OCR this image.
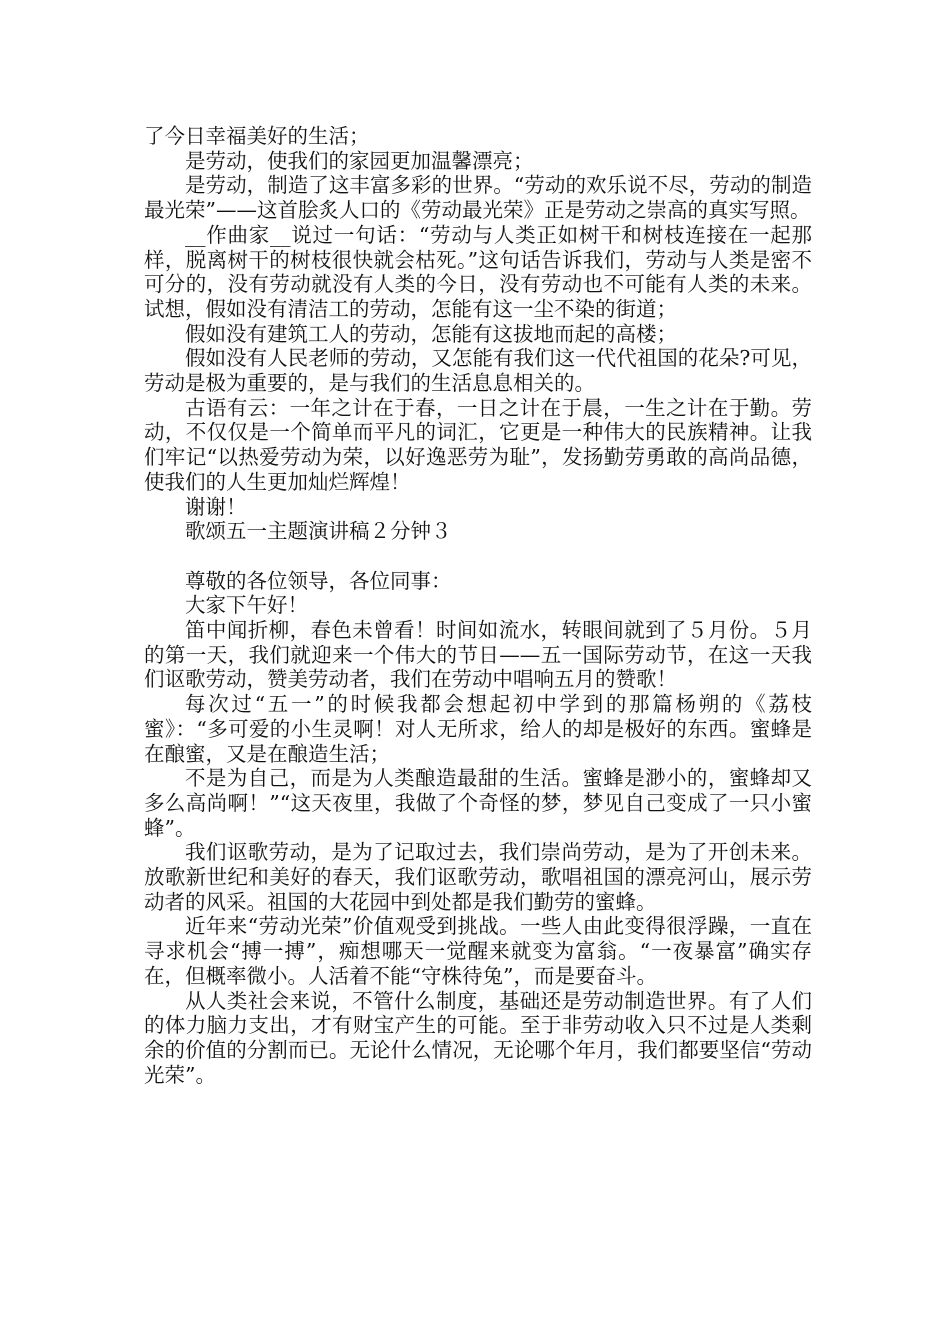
了今日幸福美好的生活；

是劳动，使我们的家园更加温馨漂亮；

是劳动，制造了这丰富多彩的世界。“劳动的欢乐说不尽，劳动的制造最光荣”——这首脍炙人口的《劳动最光荣》正是劳动之崇高的真实写照。

__作曲家__说过一句话：“劳动与人类正如树干和树枝连接在一起那样，脱离树干的树枝很快就会枯死。”这句话告诉我们，劳动与人类是密不可分的，没有劳动就没有人类的今日，没有劳动也不可能有人类的未来。试想，假如没有清洁工的劳动，怎能有这一尘不染的街道；

假如没有建筑工人的劳动，怎能有这拔地而起的高楼；

假如没有人民老师的劳动，又怎能有我们这一代代祖国的花朵?可见，劳动是极为重要的，是与我们的生活息息相关的。

古语有云：一年之计在于春，一日之计在于晨，一生之计在于勤。劳动，不仅仅是一个简单而平凡的词汇，它更是一种伟大的民族精神。让我们牢记“以热爱劳动为荣，以好逸恶劳为耻”，发扬勤劳勇敢的高尚品德，使我们的人生更加灿烂辉煌！

谢谢！

歌颂五一主题演讲稿２分钟３

尊敬的各位领导，各位同事：

大家下午好！

笛中闻折柳，春色未曾看！时间如流水，转眼间就到了５月份。５月的第一天，我们就迎来一个伟大的节日——五一国际劳动节，在这一天我们讴歌劳动，赞美劳动者，我们在劳动中唱响五月的赞歌！

每次过“五一”的时候我都会想起初中学到的那篇杨朔的《荔枝蜜》：“多可爱的小生灵啊！对人无所求，给人的却是极好的东西。蜜蜂是在酿蜜，又是在酿造生活；

不是为自己，而是为人类酿造最甜的生活。蜜蜂是渺小的，蜜蜂却又多么高尚啊！”“这天夜里，我做了个奇怪的梦，梦见自己变成了一只小蜜蜂”。

我们讴歌劳动，是为了记取过去，我们崇尚劳动，是为了开创未来。放歌新世纪和美好的春天，我们讴歌劳动，歌唱祖国的漂亮河山，展示劳动者的风采。祖国的大花园中到处都是我们勤劳的蜜蜂。

近年来“劳动光荣”价值观受到挑战。一些人由此变得很浮躁，一直在寻求机会“搏一搏”，痴想哪天一觉醒来就变为富翁。“一夜暴富”确实存在，但概率微小。人活着不能“守株待兔”，而是要奋斗。

从人类社会来说，不管什么制度，基础还是劳动制造世界。有了人们的体力脑力支出，才有财宝产生的可能。至于非劳动收入只不过是人类剩余的价值的分割而已。无论什么情况，无论哪个年月，我们都要坚信“劳动光荣”。
